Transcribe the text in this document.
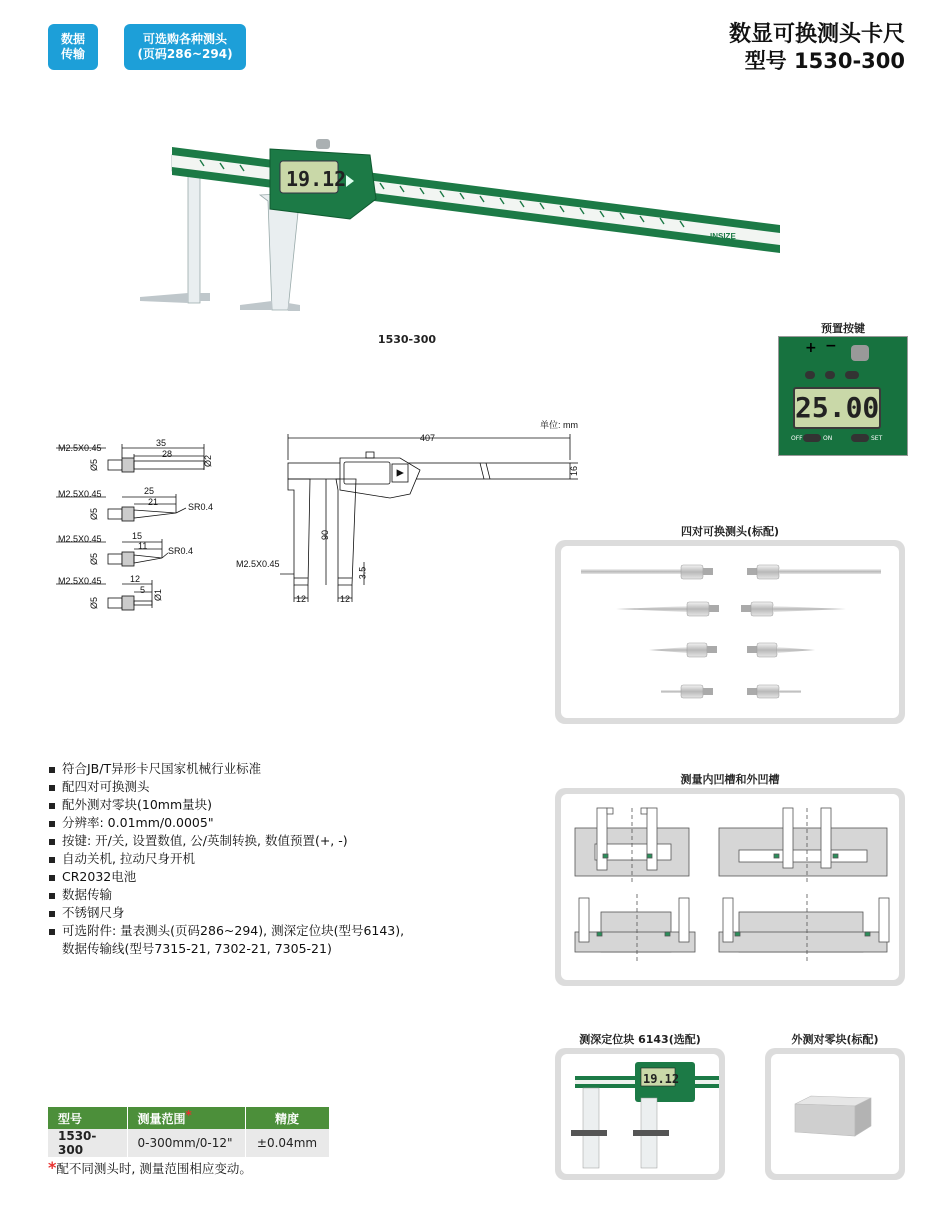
数据
传输
可选购各种测头
(页码286~294)
数显可换测头卡尺
型号 1530-300
19.12
INSIZE
1530-300
预置按键
+ −
25.00
OFF	ON	SET
单位: mm
M2.5X0.45
Ø5
35
28
Ø2
M2.5X0.45
Ø5
25
21	SR0.4
M2.5X0.45
Ø5
15
11 SR0.4
M2.5X0.45
Ø5
12
5 Ø1
407
16
90
3.5
12	12
M2.5X0.45
四对可换测头(标配)
符合JB/T异形卡尺国家机械行业标准
配四对可换测头
配外测对零块(10mm量块)
分辨率: 0.01mm/0.0005"
按键: 开/关, 设置数值, 公/英制转换, 数值预置(+, -)
自动关机, 拉动尺身开机
CR2032电池
数据传输
不锈钢尺身
可选附件: 量表测头(页码286~294), 测深定位块(型号6143),
数据传输线(型号7315-21, 7302-21, 7305-21)
测量内凹槽和外凹槽
测深定位块 6143(选配)
19.12
外测对零块(标配)
型号	测量范围*	精度
1530-300	0-300mm/0-12"	±0.04mm
*配不同测头时, 测量范围相应变动。
